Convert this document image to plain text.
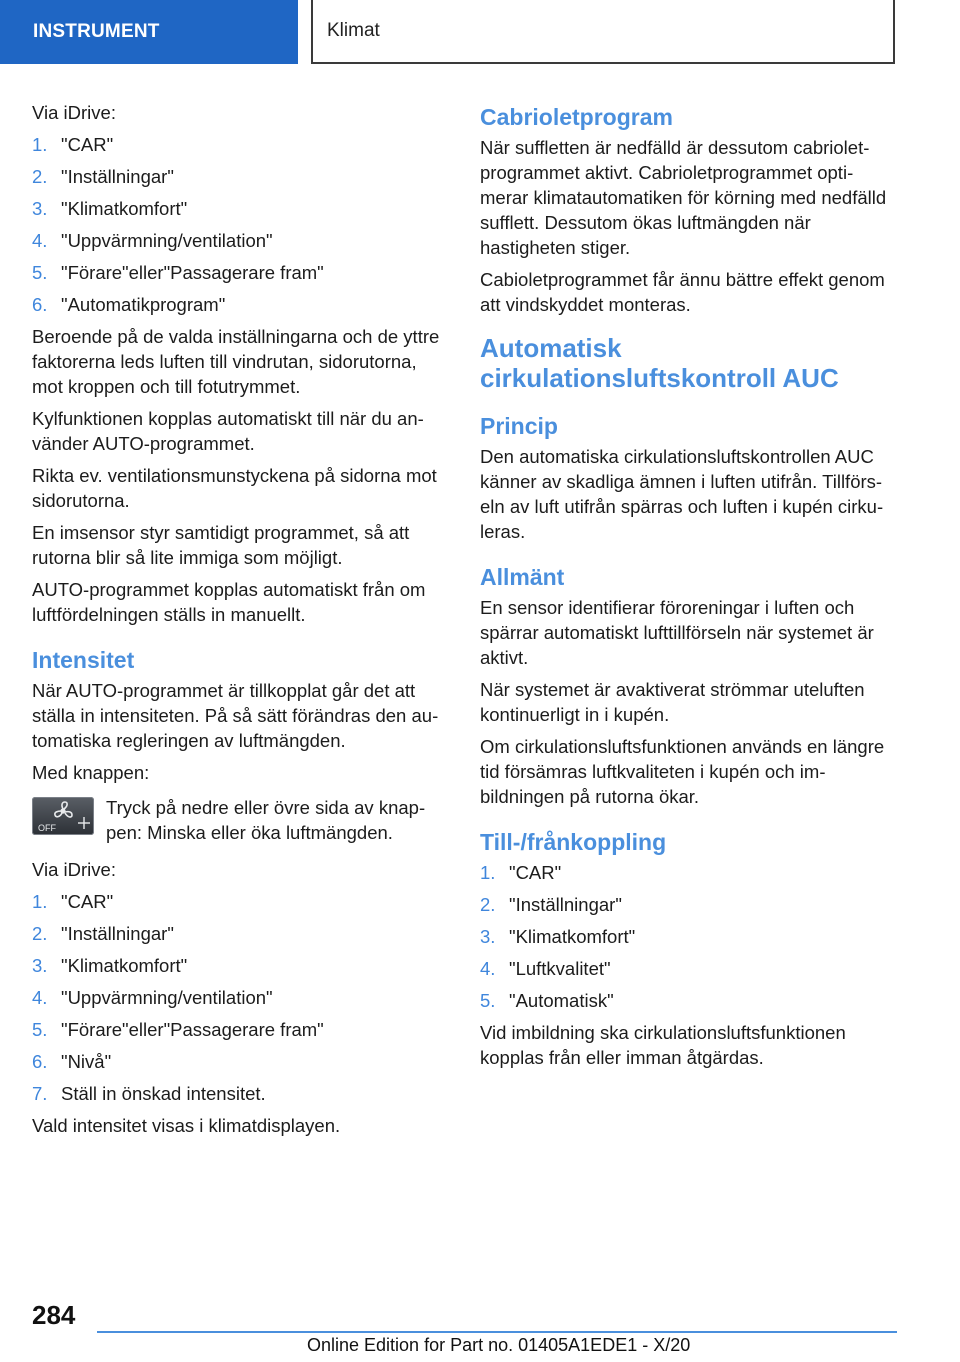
INSTRUMENT	Klimat

Via iDrive:

1. "CAR"
2. "Inställningar"
3. "Klimatkomfort"
4. "Uppvärmning/ventilation"
5. "Förare"eller"Passagerare fram"
6. "Automatikprogram"

Beroende på de valda inställningarna och de yttre faktorerna leds luften till vindrutan, sidorutorna, mot kroppen och till fotutrymmet.

Kylfunktionen kopplas automatiskt till när du använder AUTO-programmet.

Rikta ev. ventilationsmunstyckena på sidorna mot sidorutorna.

En imsensor styr samtidigt programmet, så att rutorna blir så lite immiga som möjligt.

AUTO-programmet kopplas automatiskt från om luftfördelningen ställs in manuellt.

Intensitet

När AUTO-programmet är tillkopplat går det att ställa in intensiteten. På så sätt förändras den automatiska regleringen av luftmängden.

Med knappen:

OFF
Tryck på nedre eller övre sida av knappen: Minska eller öka luftmängden.

Via iDrive:

1. "CAR"
2. "Inställningar"
3. "Klimatkomfort"
4. "Uppvärmning/ventilation"
5. "Förare"eller"Passagerare fram"
6. "Nivå"
7. Ställ in önskad intensitet.

Vald intensitet visas i klimatdisplayen.

Cabrioletprogram

När suffletten är nedfälld är dessutom cabrioletprogrammet aktivt. Cabrioletprogrammet optimerar klimatautomatiken för körning med nedfälld sufflett. Dessutom ökas luftmängden när hastigheten stiger.

Cabioletprogrammet får ännu bättre effekt genom att vindskyddet monteras.

Automatisk cirkulationsluftskontroll AUC
Princip

Den automatiska cirkulationsluftskontrollen AUC känner av skadliga ämnen i luften utifrån. Tillförseln av luft utifrån spärras och luften i kupén cirkuleras.

Allmänt

En sensor identifierar föroreningar i luften och spärrar automatiskt lufttillförseln när systemet är aktivt.

När systemet är avaktiverat strömmar uteluften kontinuerligt in i kupén.

Om cirkulationsluftsfunktionen används en längre tid försämras luftkvaliteten i kupén och imbildningen på rutorna ökar.

Till-/frånkoppling
1. "CAR"
2. "Inställningar"
3. "Klimatkomfort"
4. "Luftkvalitet"
5. "Automatisk"

Vid imbildning ska cirkulationsluftsfunktionen kopplas från eller imman åtgärdas.

284
Online Edition for Part no. 01405A1EDE1 - X/20
